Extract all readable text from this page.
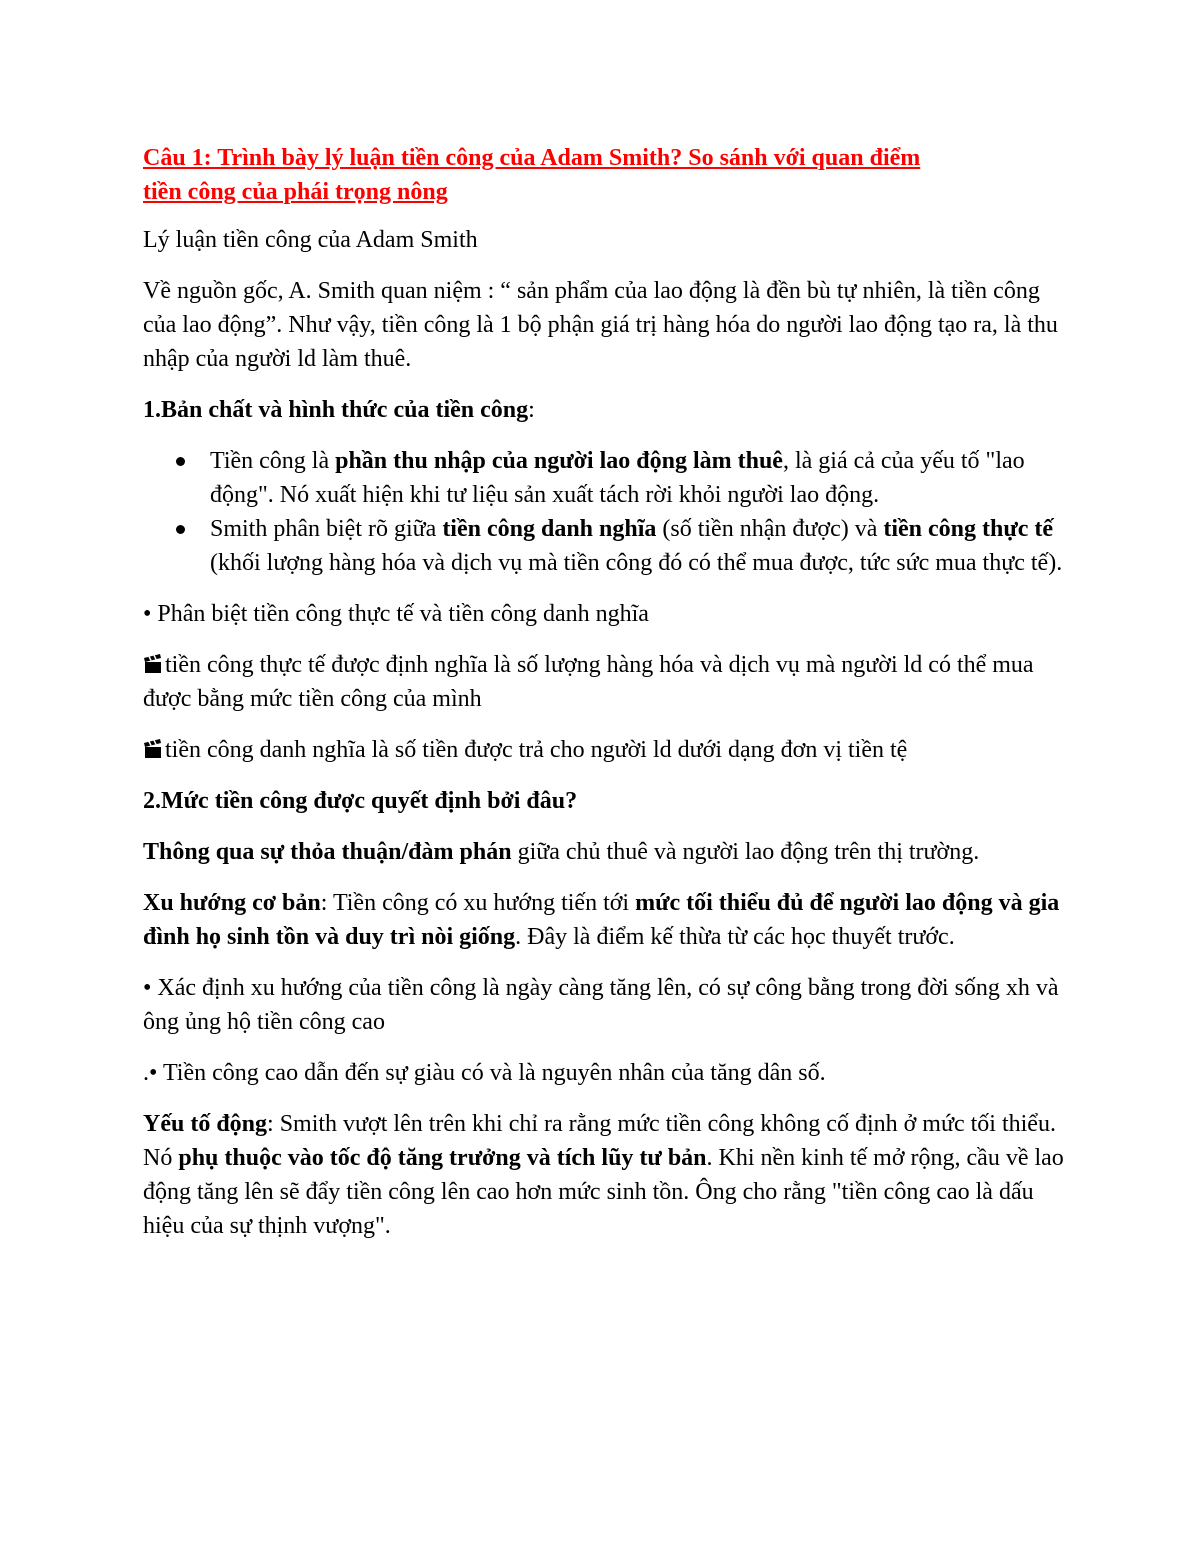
Câu 1: Trình bày lý luận tiền công của Adam Smith? So sánh với quan điểm
tiền công của phái trọng nông

Lý luận tiền công của Adam Smith

Về nguồn gốc, A. Smith quan niệm : “ sản phẩm của lao động là đền bù tự nhiên, là tiền công của lao động”. Như vậy, tiền công là 1 bộ phận giá trị hàng hóa do người lao động tạo ra, là thu nhập của người ld làm thuê.

1.Bản chất và hình thức của tiền công:

Tiền công là phần thu nhập của người lao động làm thuê, là giá cả của yếu tố "lao động". Nó xuất hiện khi tư liệu sản xuất tách rời khỏi người lao động.
Smith phân biệt rõ giữa tiền công danh nghĩa (số tiền nhận được) và tiền công thực tế (khối lượng hàng hóa và dịch vụ mà tiền công đó có thể mua được, tức sức mua thực tế).

• Phân biệt tiền công thực tế và tiền công danh nghĩa

tiền công thực tế được định nghĩa là số lượng hàng hóa và dịch vụ mà người ld có thể mua được bằng mức tiền công của mình

tiền công danh nghĩa là số tiền được trả cho người ld dưới dạng đơn vị tiền tệ

2.Mức tiền công được quyết định bởi đâu?

Thông qua sự thỏa thuận/đàm phán giữa chủ thuê và người lao động trên thị trường.

Xu hướng cơ bản: Tiền công có xu hướng tiến tới mức tối thiểu đủ để người lao động và gia đình họ sinh tồn và duy trì nòi giống. Đây là điểm kế thừa từ các học thuyết trước.

• Xác định xu hướng của tiền công là ngày càng tăng lên, có sự công bằng trong đời sống xh và ông ủng hộ tiền công cao

.• Tiền công cao dẫn đến sự giàu có và là nguyên nhân của tăng dân số.

Yếu tố động: Smith vượt lên trên khi chỉ ra rằng mức tiền công không cố định ở mức tối thiểu. Nó phụ thuộc vào tốc độ tăng trưởng và tích lũy tư bản. Khi nền kinh tế mở rộng, cầu về lao động tăng lên sẽ đẩy tiền công lên cao hơn mức sinh tồn. Ông cho rằng "tiền công cao là dấu hiệu của sự thịnh vượng".
